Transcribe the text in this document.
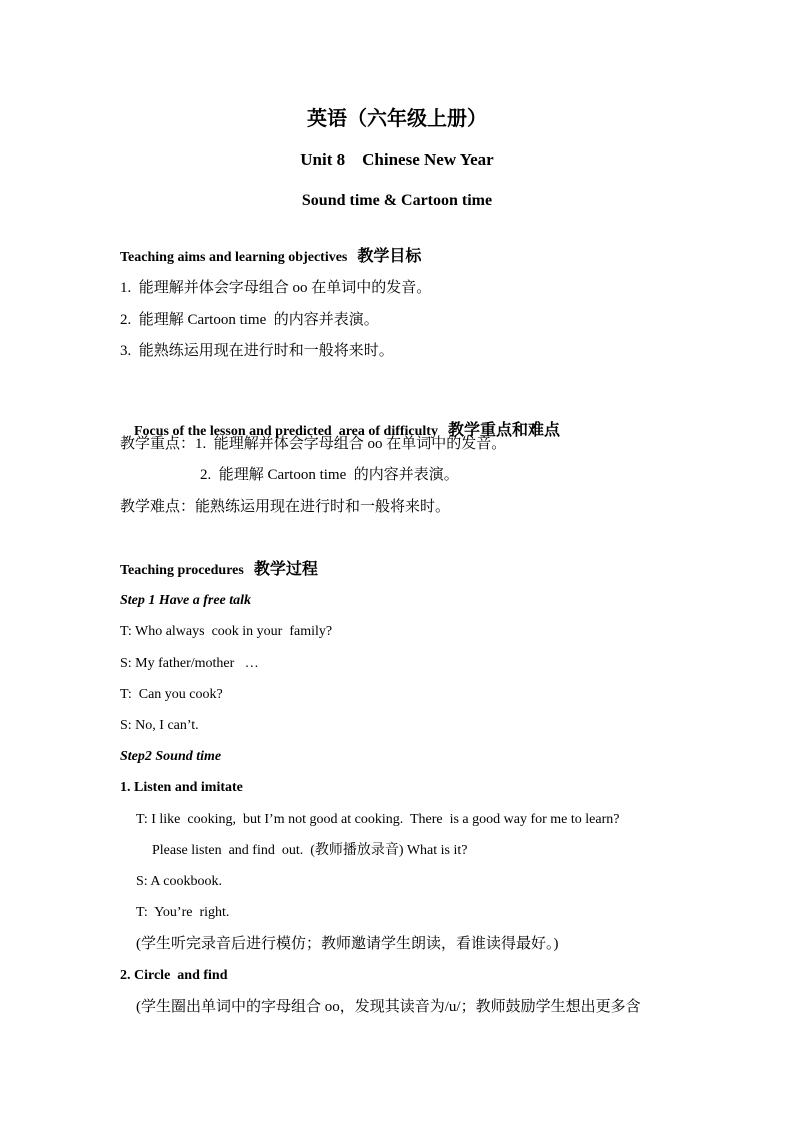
英语（六年级上册）
Unit 8    Chinese New Year
Sound time & Cartoon time
Teaching aims and learning objectives 教学目标
1.  能理解并体会字母组合 oo 在单词中的发音。
2.  能理解 Cartoon time  的内容并表演。
3.  能熟练运用现在进行时和一般将来时。

Focus of the lesson and predicted  area of difficulty 教学重点和难点

教学重点：1.  能理解并体会字母组合 oo 在单词中的发音。
2.  能理解 Cartoon time  的内容并表演。
教学难点：能熟练运用现在进行时和一般将来时。
Teaching procedures 教学过程
Step 1 Have a free talk
T: Who always  cook in your  family?
S: My father/mother   …
T:  Can you cook?
S: No, I can’t.
Step2 Sound time
1. Listen and imitate
T: I like  cooking,  but I’m not good at cooking.  There  is a good way for me to learn?
Please listen  and find  out.  (教师播放录音) What is it?
S: A cookbook.
T:  You’re  right.
(学生听完录音后进行模仿；教师邀请学生朗读，看谁读得最好。)
2. Circle  and find
(学生圈出单词中的字母组合 oo，发现其读音为/u/；教师鼓励学生想出更多含
